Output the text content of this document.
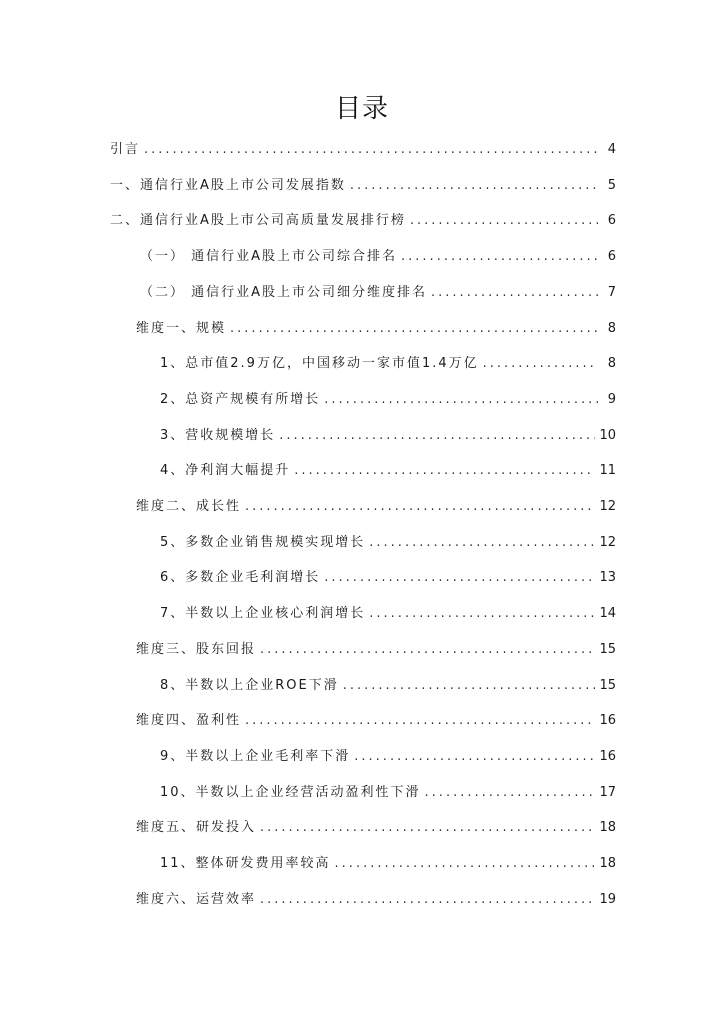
目录
引言 .....	4
一、通信行业A股上市公司发展指数 .....	5
二、通信行业A股上市公司高质量发展排行榜 .....	6
（一） 通信行业A股上市公司综合排名 .....	6
（二） 通信行业A股上市公司细分维度排名 .....	7
维度一、规模 .....	8
1、总市值2.9万亿，中国移动一家市值1.4万亿 .....	8
2、总资产规模有所增长 .....	9
3、营收规模增长 .....	10
4、净利润大幅提升 .....	11
维度二、成长性 .....	12
5、多数企业销售规模实现增长 .....	12
6、多数企业毛利润增长 .....	13
7、半数以上企业核心利润增长 .....	14
维度三、股东回报 .....	15
8、半数以上企业ROE下滑 .....	15
维度四、盈利性 .....	16
9、半数以上企业毛利率下滑 .....	16
10、半数以上企业经营活动盈利性下滑 .....	17
维度五、研发投入 .....	18
11、整体研发费用率较高 .....	18
维度六、运营效率 .....	19
